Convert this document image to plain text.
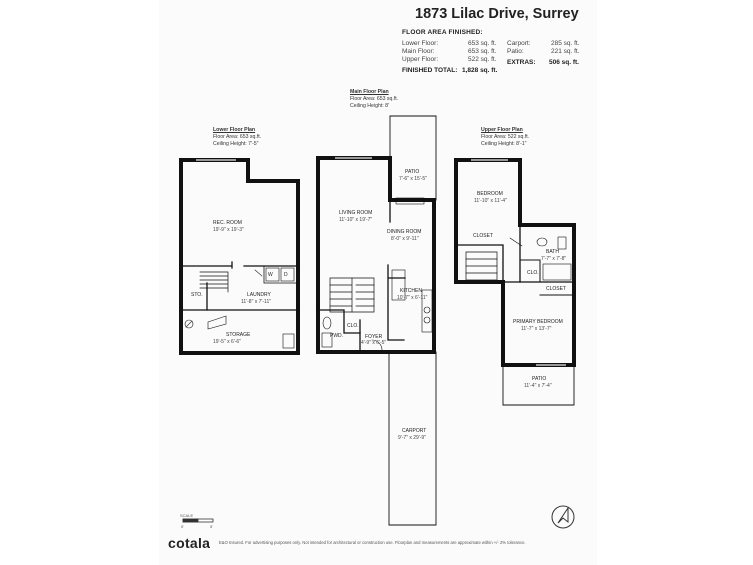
1873 Lilac Drive, Surrey
FLOOR AREA FINISHED:
Lower Floor:	653 sq. ft.
Main Floor:	653 sq. ft.
Upper Floor:	522 sq. ft.
FINISHED TOTAL: 1,828 sq. ft.
Carport:	285 sq. ft.
Patio:	221 sq. ft.
EXTRAS: 506 sq. ft.
Lower Floor Plan
Floor Area: 653 sq.ft.
Ceiling Height: 7'-5"
Main Floor Plan
Floor Area: 653 sq.ft.
Ceiling Height: 8'
Upper Floor Plan
Floor Area: 522 sq.ft.
Ceiling Height: 8'-1"
REC. ROOM
19'-9" x 19'-3"
LAUNDRY
11'-8" x 7'-11"
STO.
W D
STORAGE
19'-5" x 6'-6"
PATIO
7'-6" x 15'-5"
LIVING ROOM
11'-10" x 19'-7"
DINING ROOM
8'-0" x 9'-11"
KITCHEN
10'-7" x 6'-11"
PWD.
CLO.
FOYER
4'-9" x 6'-5"
CARPORT
9'-7" x 29'-9"
BEDROOM
11'-10" x 11'-4"
CLOSET
BATH
7'-7" x 7'-8"
CLO.
CLOSET
PRIMARY BEDROOM
11'-7" x 13'-7"
PATIO
11'-4" x 7'-4"
SCALE
0'	5'
cotala E&O Insured. For advertising purposes only. Not intended for architectural or construction use. Floorplan and measurements are approximate within +/- 2% tolerance.
